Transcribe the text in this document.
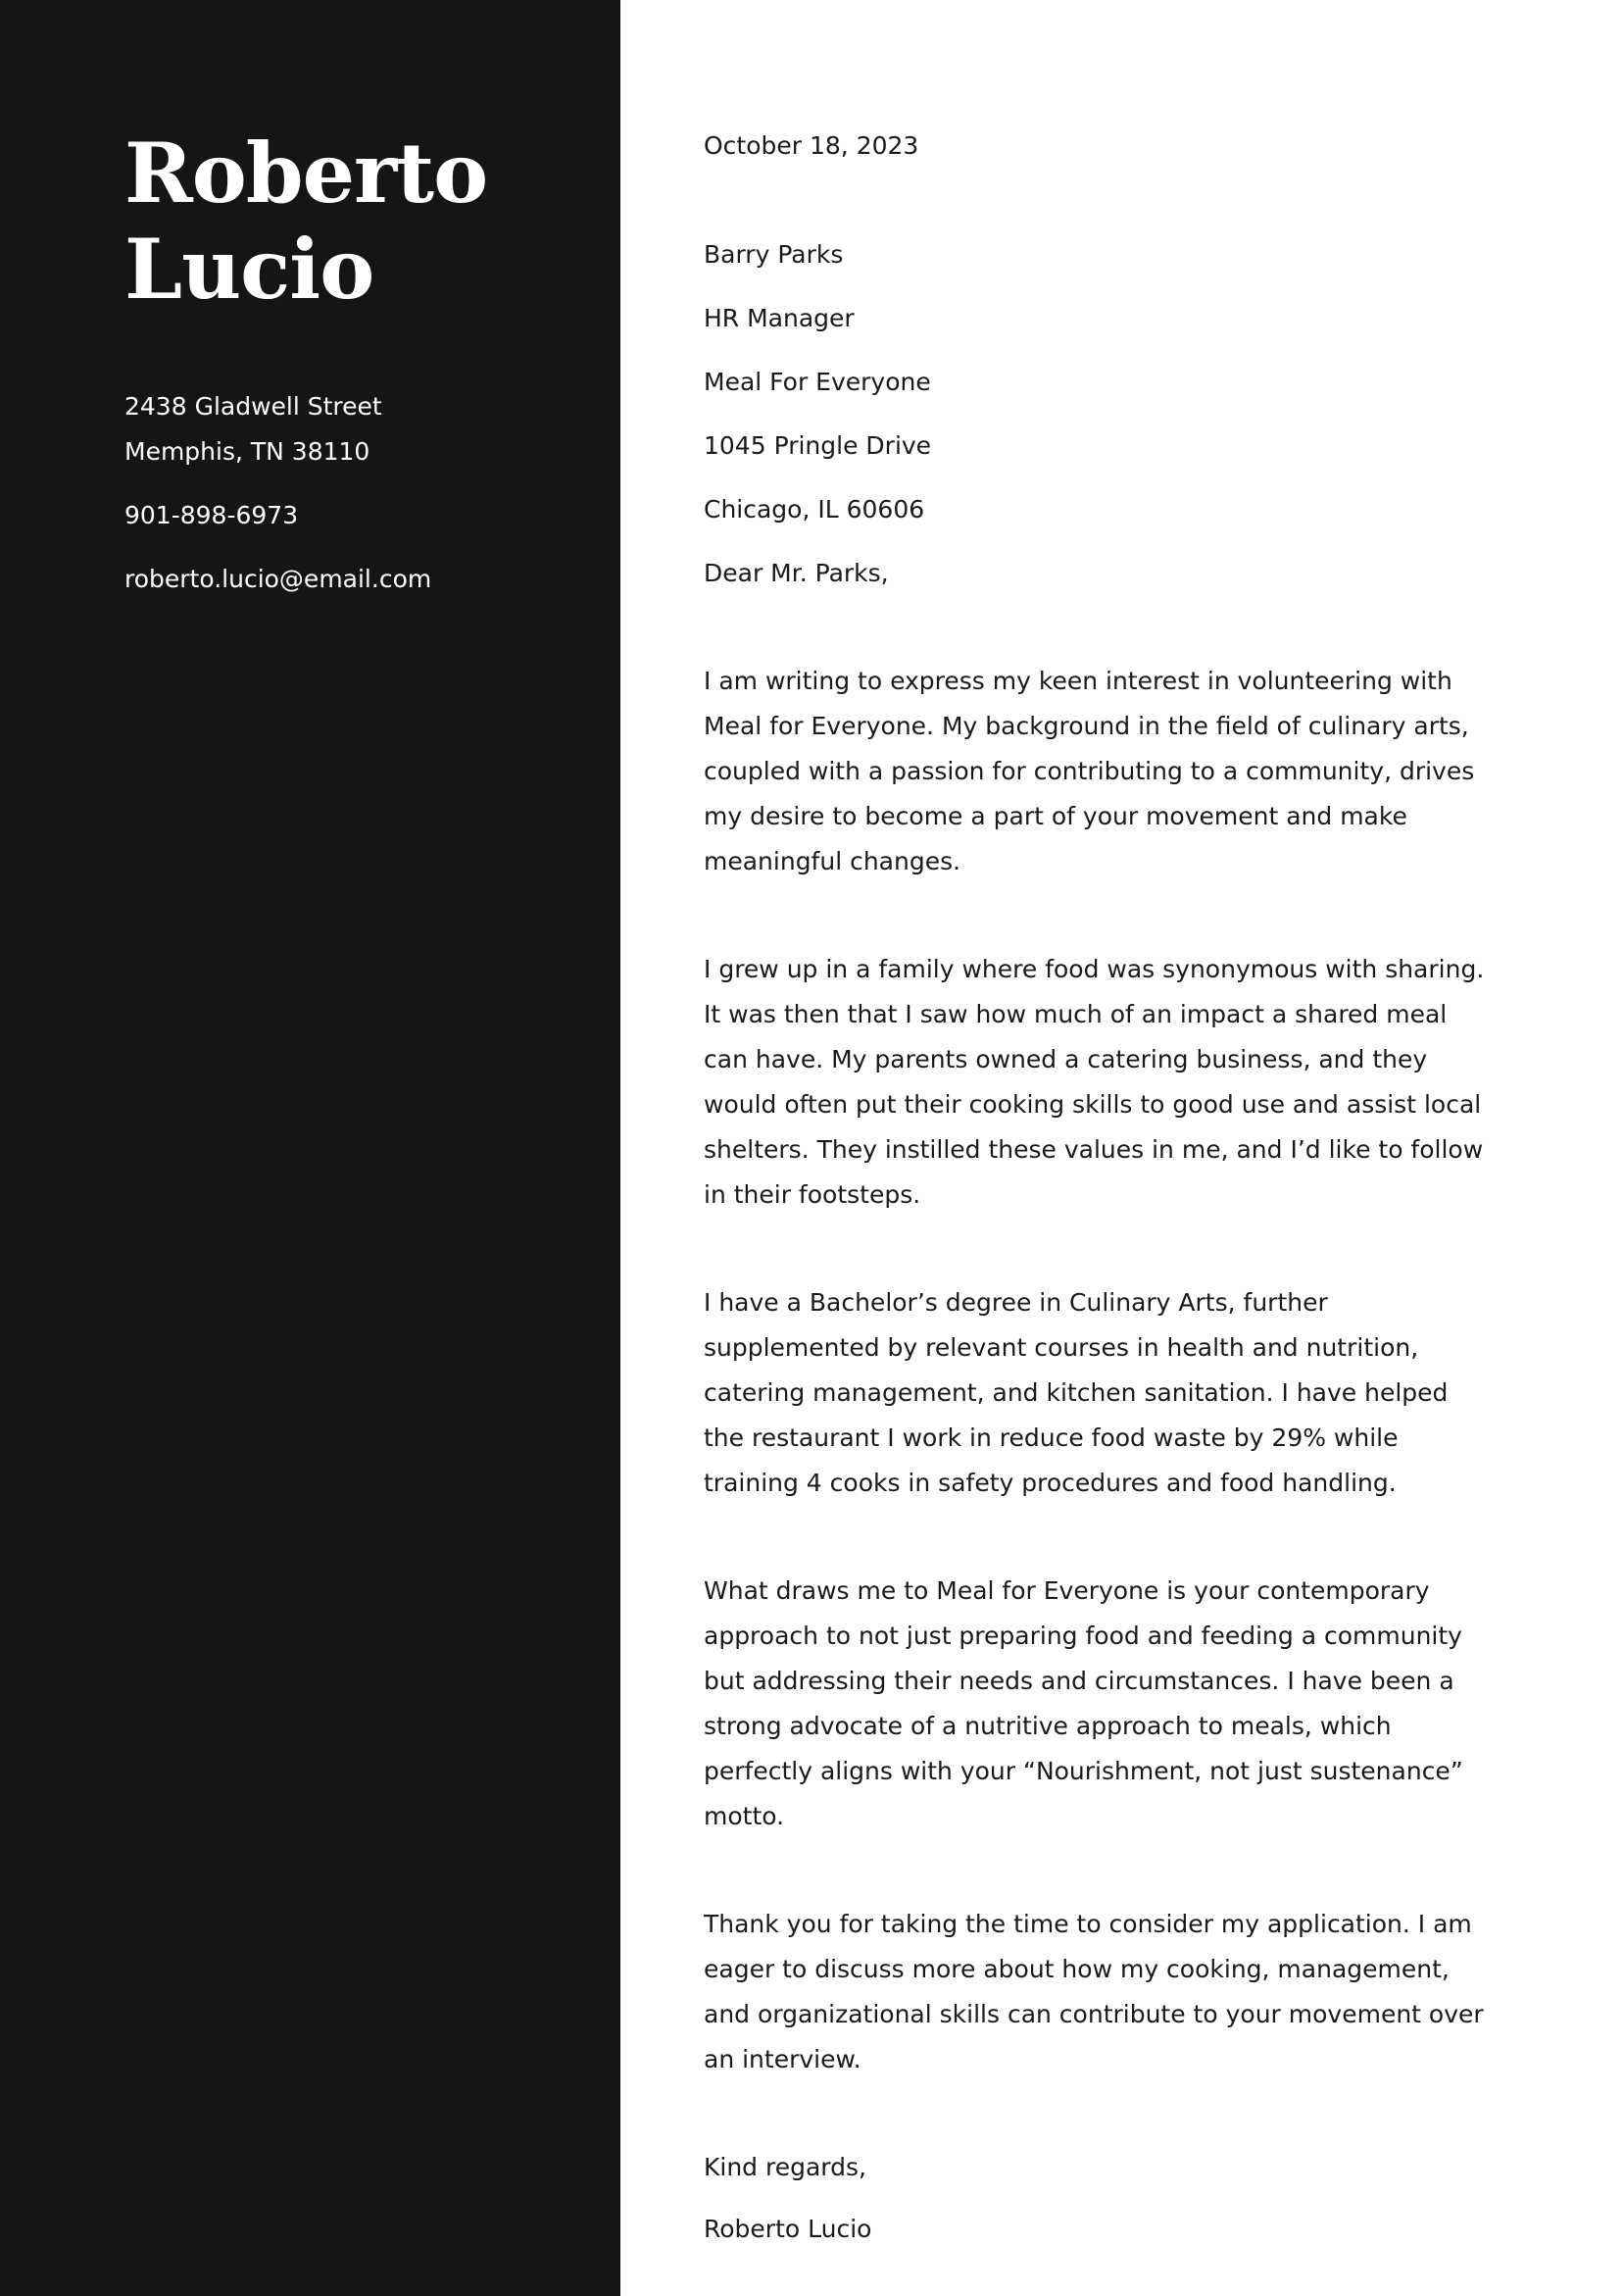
Roberto
Lucio
2438 Gladwell Street Memphis, TN 38110
901-898-6973
roberto.lucio@email.com
October 18, 2023
Barry Parks
HR Manager
Meal For Everyone
1045 Pringle Drive
Chicago, IL 60606
Dear Mr. Parks,

I am writing to express my keen interest in volunteering with Meal for Everyone. My background in the field of culinary arts, coupled with a passion for contributing to a community, drives my desire to become a part of your movement and make meaningful changes.

I grew up in a family where food was synonymous with sharing. It was then that I saw how much of an impact a shared meal can have. My parents owned a catering business, and they would often put their cooking skills to good use and assist local shelters. They instilled these values in me, and I’d like to follow in their footsteps.

I have a Bachelor’s degree in Culinary Arts, further supplemented by relevant courses in health and nutrition, catering management, and kitchen sanitation. I have helped the restaurant I work in reduce food waste by 29% while training 4 cooks in safety procedures and food handling.

What draws me to Meal for Everyone is your contemporary approach to not just preparing food and feeding a community but addressing their needs and circumstances. I have been a strong advocate of a nutritive approach to meals, which perfectly aligns with your “Nourishment, not just sustenance” motto.

Thank you for taking the time to consider my application. I am eager to discuss more about how my cooking, management, and organizational skills can contribute to your movement over an interview.

Kind regards,
Roberto Lucio
